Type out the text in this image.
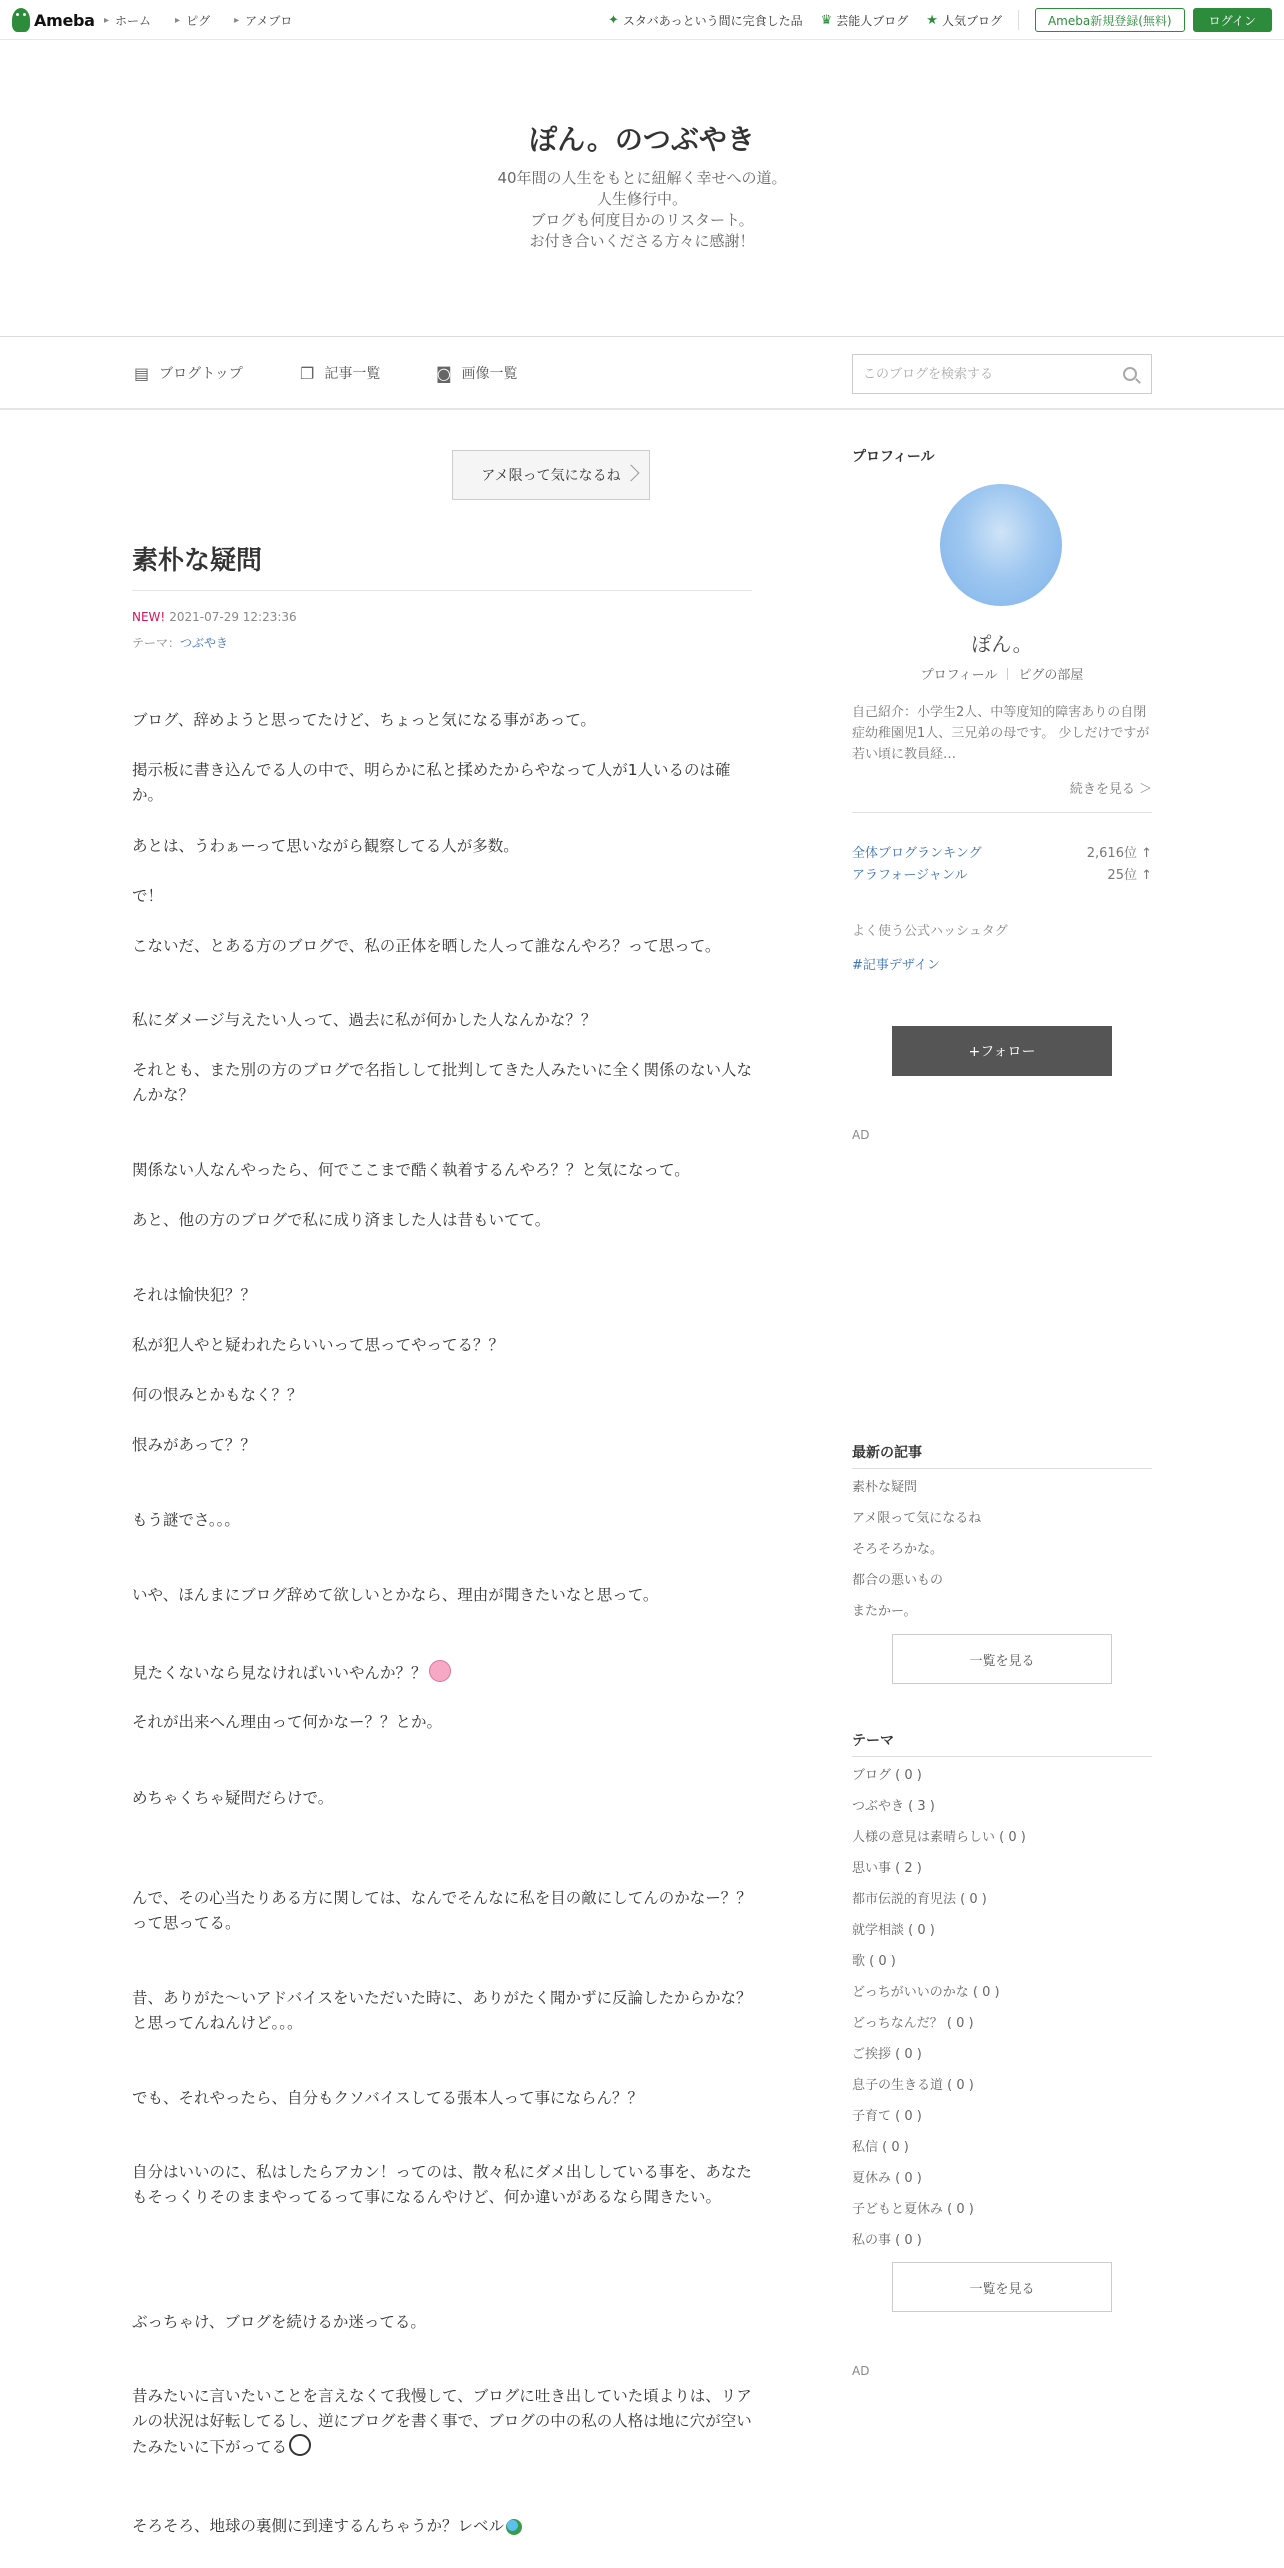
Ameba	▸ ホーム	▸ ピグ	▸ アメブロ	✦ スタバあっという間に完食した品 ♛ 芸能人ブログ ★ 人気ブログ	Ameba新規登録(無料)	ログイン
ぽん。のつぶやき
40年間の人生をもとに紐解く幸せへの道。
人生修行中。
ブログも何度目かのリスタート。
お付き合いくださる方々に感謝！
▤ ブログトップ	❐ 記事一覧	◙ 画像一覧
このブログを検索する
アメ限って気になるね
素朴な疑問
NEW! 2021-07-29 12:23:36
テーマ：つぶやき
ブログ、辞めようと思ってたけど、ちょっと気になる事があって。
掲示板に書き込んでる人の中で、明らかに私と揉めたからやなって人が1人いるのは確か。
あとは、うわぁーって思いながら観察してる人が多数。
で！
こないだ、とある方のブログで、私の正体を晒した人って誰なんやろ？って思って。
私にダメージ与えたい人って、過去に私が何かした人なんかな？？
それとも、また別の方のブログで名指しして批判してきた人みたいに全く関係のない人なんかな？
関係ない人なんやったら、何でここまで酷く執着するんやろ？？と気になって。
あと、他の方のブログで私に成り済ました人は昔もいてて。
それは愉快犯？？
私が犯人やと疑われたらいいって思ってやってる？？
何の恨みとかもなく？？
恨みがあって？？
もう謎でさ。。。
いや、ほんまにブログ辞めて欲しいとかなら、理由が聞きたいなと思って。
見たくないなら見なければいいやんか？？
それが出来へん理由って何かなー？？とか。
めちゃくちゃ疑問だらけで。
んで、その心当たりある方に関しては、なんでそんなに私を目の敵にしてんのかなー？？って思ってる。
昔、ありがた〜いアドバイスをいただいた時に、ありがたく聞かずに反論したからかな？と思ってんねんけど。。。
でも、それやったら、自分もクソバイスしてる張本人って事にならん？？
自分はいいのに、私はしたらアカン！ってのは、散々私にダメ出ししている事を、あなたもそっくりそのままやってるって事になるんやけど、何か違いがあるなら聞きたい。
ぶっちゃけ、ブログを続けるか迷ってる。
昔みたいに言いたいことを言えなくて我慢して、ブログに吐き出していた頃よりは、リアルの状況は好転してるし、逆にブログを書く事で、ブログの中の私の人格は地に穴が空いたみたいに下がってる
そろそろ、地球の裏側に到達するんちゃうか？レベル
プロフィール
ぽん。
プロフィール ピグの部屋
自己紹介：小学生2人、中等度知的障害ありの自閉症幼稚園児1人、三兄弟の母です。 少しだけですが若い頃に教員経…
続きを見る ＞
全体ブログランキング	2,616位 ↑
アラフォージャンル	25位 ↑
よく使う公式ハッシュタグ
#記事デザイン
+フォロー
AD
最新の記事
素朴な疑問
アメ限って気になるね
そろそろかな。
都合の悪いもの
またかー。
一覧を見る
テーマ
ブログ ( 0 )
つぶやき ( 3 )
人様の意見は素晴らしい ( 0 )
思い事 ( 2 )
都市伝説的育児法 ( 0 )
就学相談 ( 0 )
歌 ( 0 )
どっちがいいのかな ( 0 )
どっちなんだ？ ( 0 )
ご挨拶 ( 0 )
息子の生きる道 ( 0 )
子育て ( 0 )
私信 ( 0 )
夏休み ( 0 )
子どもと夏休み ( 0 )
私の事 ( 0 )
一覧を見る
AD
